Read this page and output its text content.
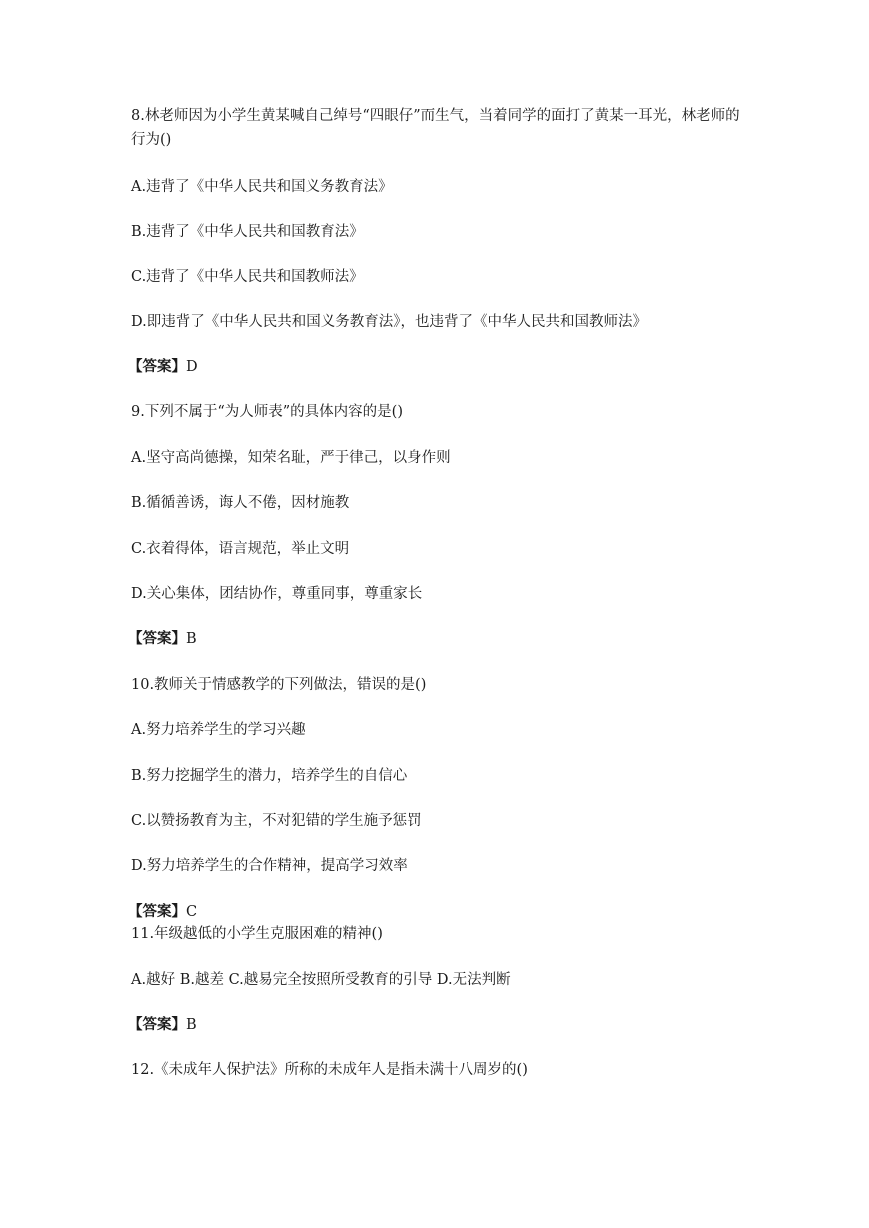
8.林老师因为小学生黄某喊自己绰号“四眼仔”而生气，当着同学的面打了黄某一耳光，林老师的行为()
A.违背了《中华人民共和国义务教育法》
B.违背了《中华人民共和国教育法》
C.违背了《中华人民共和国教师法》
D.即违背了《中华人民共和国义务教育法》，也违背了《中华人民共和国教师法》
【答案】D
9.下列不属于“为人师表”的具体内容的是()
A.坚守高尚德操，知荣名耻，严于律己，以身作则
B.循循善诱，诲人不倦，因材施教
C.衣着得体，语言规范，举止文明
D.关心集体，团结协作，尊重同事，尊重家长
【答案】B
10.教师关于情感教学的下列做法，错误的是()
A.努力培养学生的学习兴趣
B.努力挖掘学生的潜力，培养学生的自信心
C.以赞扬教育为主，不对犯错的学生施予惩罚
D.努力培养学生的合作精神，提高学习效率
【答案】C
11.年级越低的小学生克服困难的精神()
A.越好 B.越差 C.越易完全按照所受教育的引导 D.无法判断
【答案】B
12.《未成年人保护法》所称的未成年人是指未满十八周岁的()
